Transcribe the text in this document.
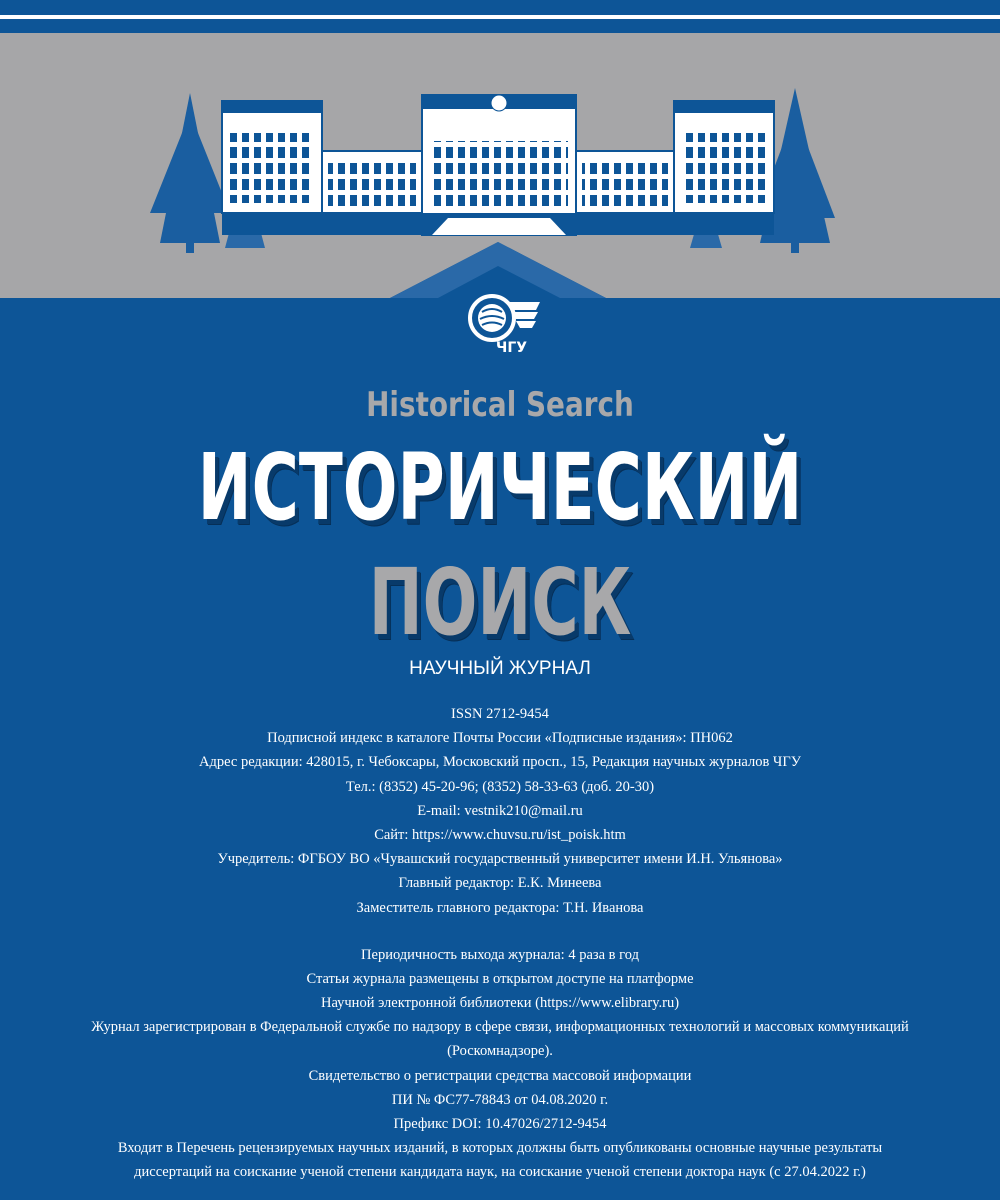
ЧГУ
Historical Search
ИСТОРИЧЕСКИЙ
ПОИСК
НАУЧНЫЙ ЖУРНАЛ
ISSN 2712-9454
Подписной индекс в каталоге Почты России «Подписные издания»: ПН062
Адрес редакции: 428015, г. Чебоксары, Московский просп., 15, Редакция научных журналов ЧГУ
Тел.: (8352) 45-20-96; (8352) 58-33-63 (доб. 20-30)
E-mail: vestnik210@mail.ru
Сайт: https://www.chuvsu.ru/ist_poisk.htm
Учредитель: ФГБОУ ВО «Чувашский государственный университет имени И.Н. Ульянова»
Главный редактор: Е.К. Минеева
Заместитель главного редактора: Т.Н. Иванова
Периодичность выхода журнала: 4 раза в год
Статьи журнала размещены в открытом доступе на платформе
Научной электронной библиотеки (https://www.elibrary.ru)
Журнал зарегистрирован в Федеральной службе по надзору в сфере связи, информационных технологий и массовых коммуникаций
(Роскомнадзоре).
Свидетельство о регистрации средства массовой информации
ПИ № ФС77-78843 от 04.08.2020 г.
Префикс DOI: 10.47026/2712-9454
Входит в Перечень рецензируемых научных изданий, в которых должны быть опубликованы основные научные результаты
диссертаций на соискание ученой степени кандидата наук, на соискание ученой степени доктора наук (с 27.04.2022 г.)
